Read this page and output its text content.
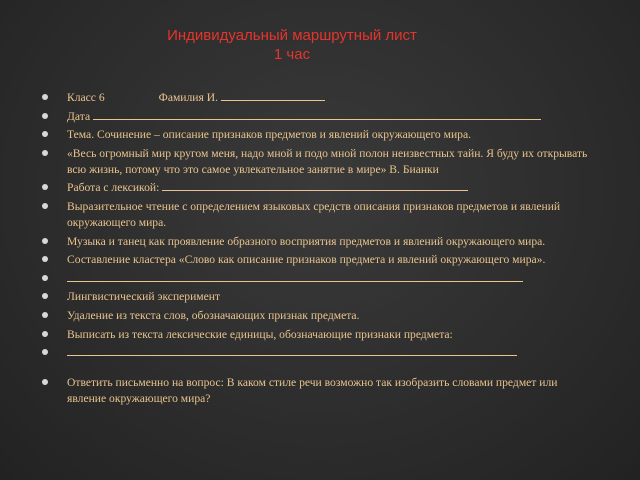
Индивидуальный маршрутный лист
1 час
Класс 6	Фамилия И.
Дата
Тема. Сочинение – описание признаков предметов и явлений окружающего мира.
«Весь огромный мир кругом меня, надо мной и подо мной полон неизвестных тайн. Я буду их открывать всю жизнь, потому что это самое увлекательное занятие в мире» В. Бианки
Работа с лексикой:
Выразительное чтение с определением языковых средств описания признаков предметов и явлений окружающего мира.
Музыка и танец как проявление образного восприятия предметов и явлений окружающего мира.
Составление кластера «Слово как описание признаков предмета и явлений окружающего мира».
Лингвистический эксперимент
Удаление из текста слов, обозначающих признак предмета.
Выписать из текста лексические единицы, обозначающие признаки предмета:
Ответить письменно на вопрос: В каком стиле речи возможно так изобразить словами предмет или явление окружающего мира?
